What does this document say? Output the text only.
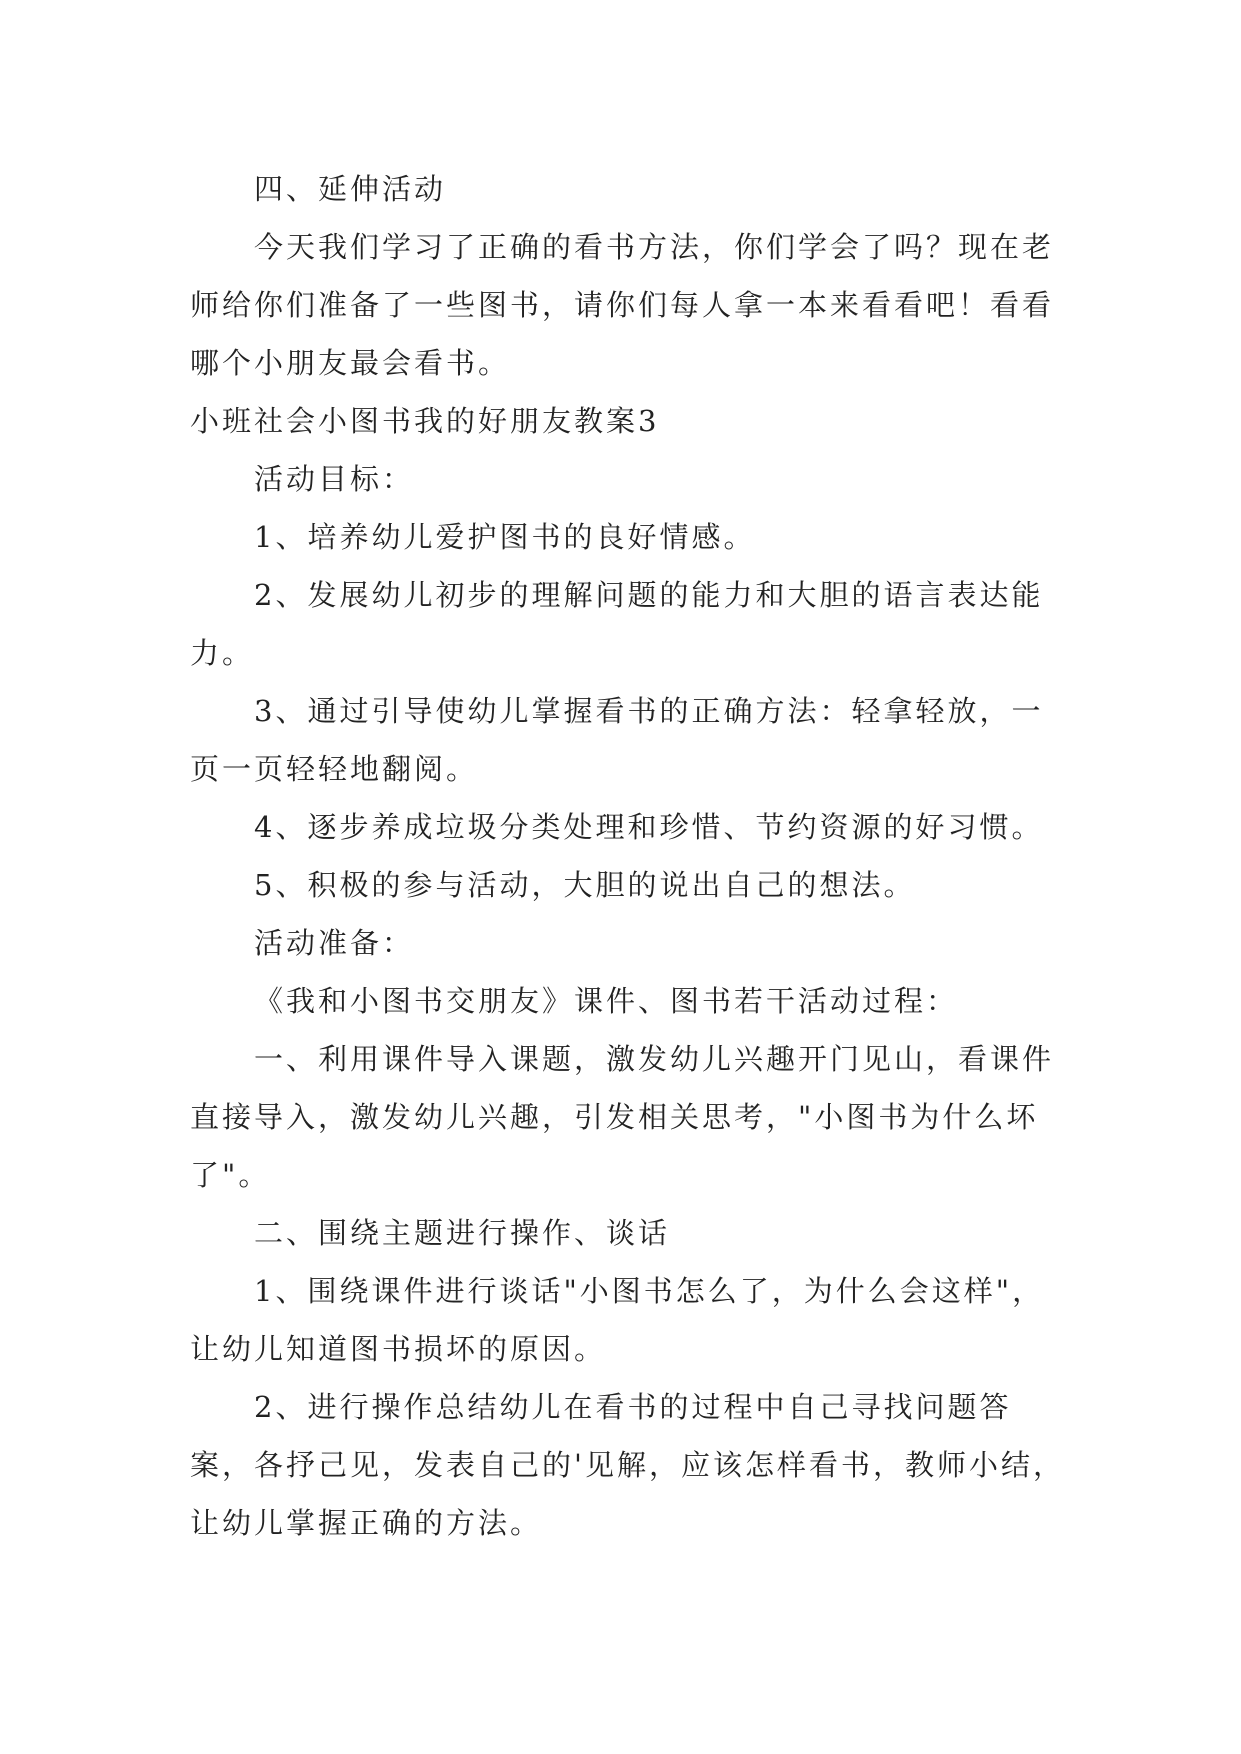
四、延伸活动

今天我们学习了正确的看书方法，你们学会了吗？现在老师给你们准备了一些图书，请你们每人拿一本来看看吧！看看哪个小朋友最会看书。

小班社会小图书我的好朋友教案3

活动目标：

1、培养幼儿爱护图书的良好情感。

2、发展幼儿初步的理解问题的能力和大胆的语言表达能力。

3、通过引导使幼儿掌握看书的正确方法：轻拿轻放，一页一页轻轻地翻阅。

4、逐步养成垃圾分类处理和珍惜、节约资源的好习惯。

5、积极的参与活动，大胆的说出自己的想法。

活动准备：

《我和小图书交朋友》课件、图书若干活动过程：

一、利用课件导入课题，激发幼儿兴趣开门见山，看课件直接导入，激发幼儿兴趣，引发相关思考，"小图书为什么坏了"。

二、围绕主题进行操作、谈话

1、围绕课件进行谈话"小图书怎么了，为什么会这样"，让幼儿知道图书损坏的原因。

2、进行操作总结幼儿在看书的过程中自己寻找问题答案，各抒己见，发表自己的'见解，应该怎样看书，教师小结，让幼儿掌握正确的方法。
